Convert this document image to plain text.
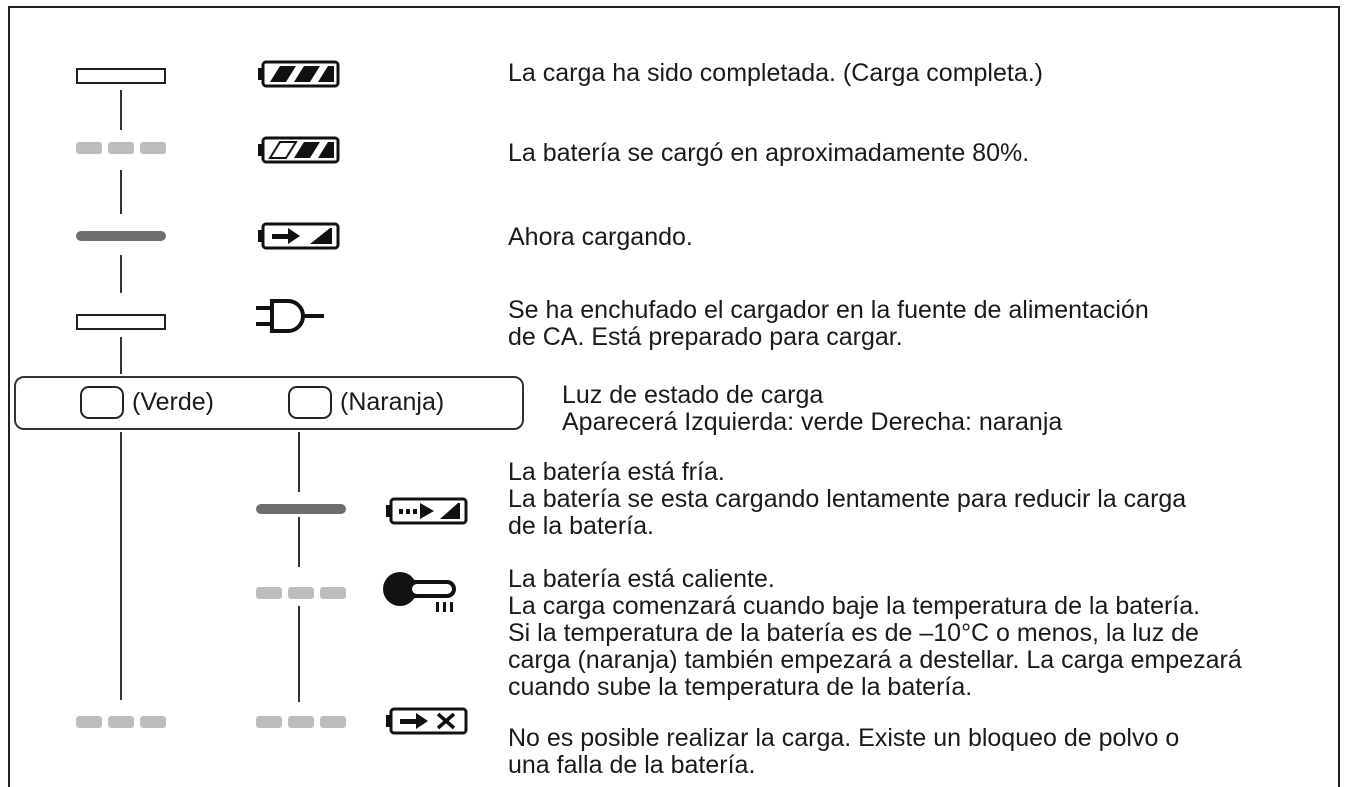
La carga ha sido completada. (Carga completa.)
La batería se cargó en aproximadamente 80%.
Ahora cargando.
Se ha enchufado el cargador en la fuente de alimentación
de CA. Está preparado para cargar.
(Verde)	(Naranja)	Luz de estado de carga
Aparecerá Izquierda: verde Derecha: naranja
La batería está fría.
La batería se esta cargando lentamente para reducir la carga
de la batería.
La batería está caliente.
La carga comenzará cuando baje la temperatura de la batería.
Si la temperatura de la batería es de –10°C o menos, la luz de
carga (naranja) también empezará a destellar. La carga empezará
cuando sube la temperatura de la batería.
No es posible realizar la carga. Existe un bloqueo de polvo o
una falla de la batería.
